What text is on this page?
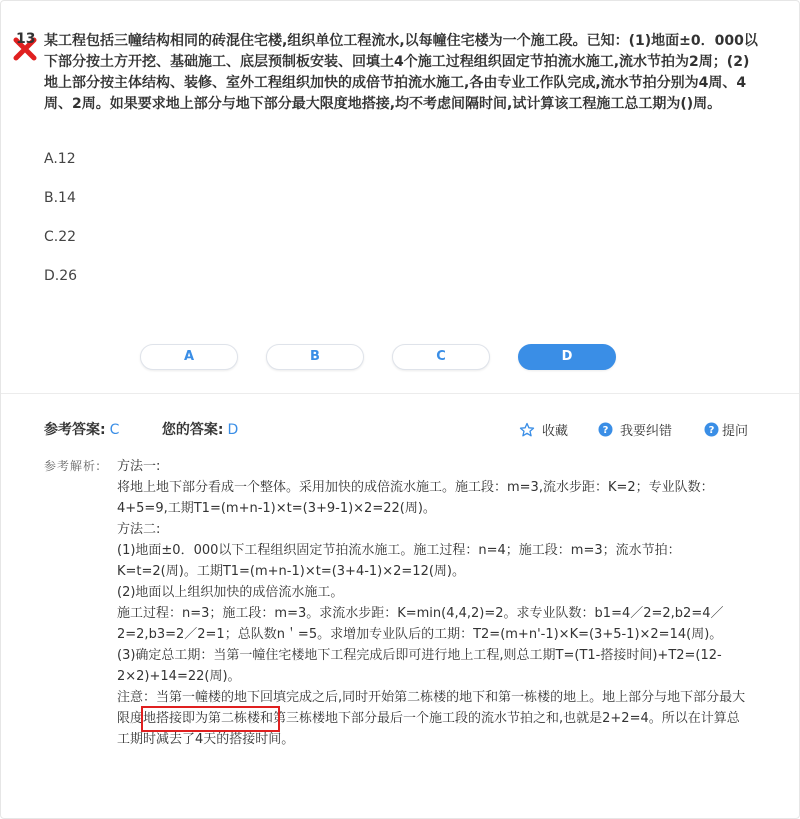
13 某工程包括三幢结构相同的砖混住宅楼,组织单位工程流水,以每幢住宅楼为一个施工段。已知：(1)地面±0．000以下部分按土方开挖、基础施工、底层预制板安装、回填土4个施工过程组织固定节拍流水施工,流水节拍为2周；(2)地上部分按主体结构、装修、室外工程组织加快的成倍节拍流水施工,各由专业工作队完成,流水节拍分别为4周、4周、2周。如果要求地上部分与地下部分最大限度地搭接,均不考虑间隔时间,试计算该工程施工总工期为()周。
A.12
B.14
C.22
D.26
A	B	C	D
参考答案: C	您的答案: D	收藏	? 我要纠错	? 提问
参考解析: 方法一:

将地上地下部分看成一个整体。采用加快的成倍流水施工。施工段：m=3,流水步距：K=2；专业队数：4+5=9,工期T1=(m+n-1)×t=(3+9-1)×2=22(周)。

方法二:

(1)地面±0．000以下工程组织固定节拍流水施工。施工过程：n=4；施工段：m=3；流水节拍：K=t=2(周)。工期T1=(m+n-1)×t=(3+4-1)×2=12(周)。

(2)地面以上组织加快的成倍流水施工。

施工过程：n=3；施工段：m=3。求流水步距：K=min(4,4,2)=2。求专业队数：b1=4／2=2,b2=4／2=2,b3=2／2=1；总队数n＇=5。求增加专业队后的工期：T2=(m+n'-1)×K=(3+5-1)×2=14(周)。

(3)确定总工期：当第一幢住宅楼地下工程完成后即可进行地上工程,则总工期T=(T1-搭接时间)+T2=(12-2×2)+14=22(周)。

注意：当第一幢楼的地下回填完成之后,同时开始第二栋楼的地下和第一栋楼的地上。地上部分与地下部分最大限度地搭接即为第二栋楼和第三栋楼地下部分最后一个施工段的流水节拍之和,也就是2+2=4。所以在计算总工期时减去了4天的搭接时间。
